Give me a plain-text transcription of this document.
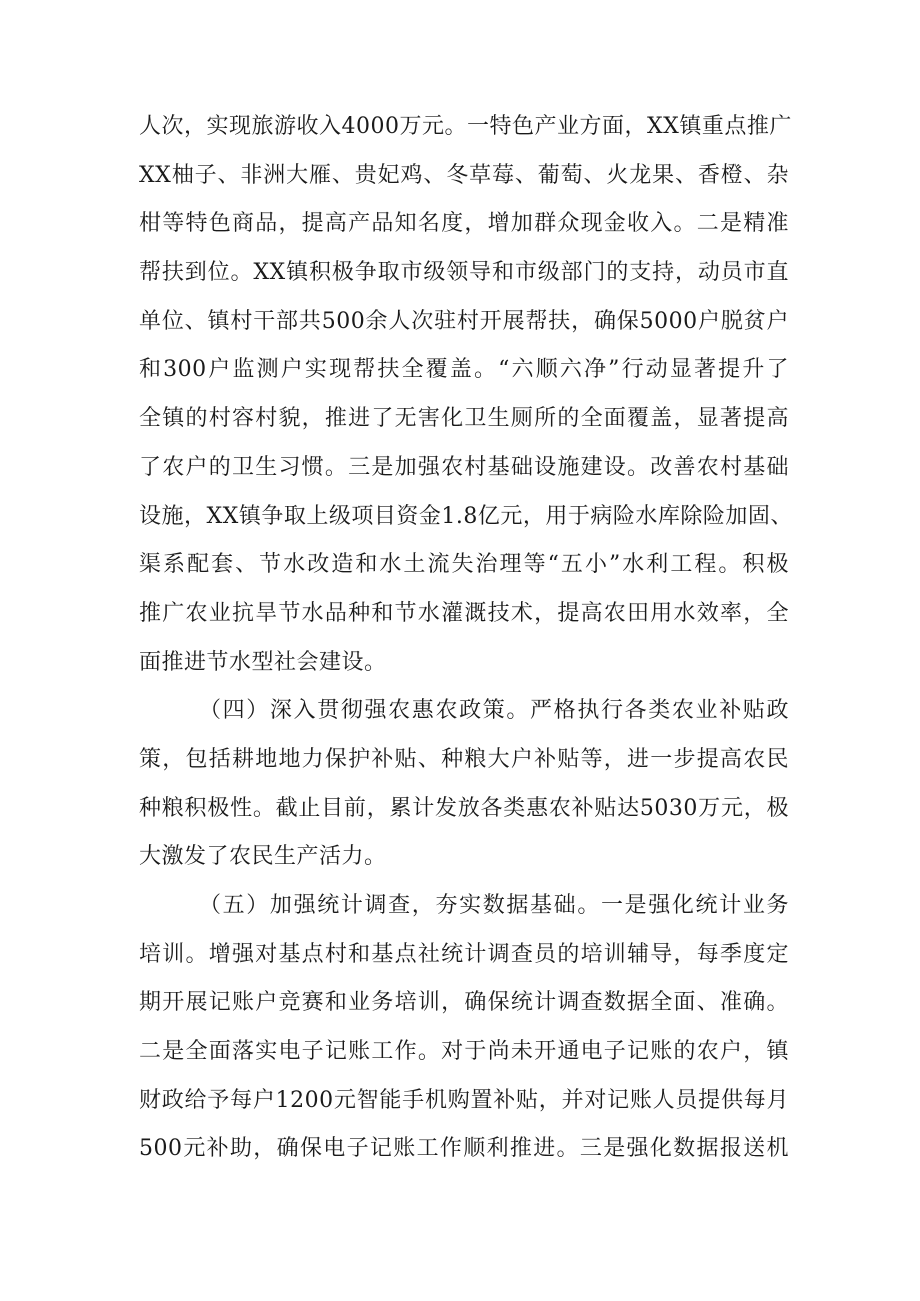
人次，实现旅游收入4000万元。一特色产业方面，XX镇重点推广
XX柚子、非洲大雁、贵妃鸡、冬草莓、葡萄、火龙果、香橙、杂
柑等特色商品，提高产品知名度，增加群众现金收入。二是精准
帮扶到位。XX镇积极争取市级领导和市级部门的支持，动员市直
单位、镇村干部共500余人次驻村开展帮扶，确保5000户脱贫户
和300户监测户实现帮扶全覆盖。“六顺六净”行动显著提升了
全镇的村容村貌，推进了无害化卫生厕所的全面覆盖，显著提高
了农户的卫生习惯。三是加强农村基础设施建设。改善农村基础
设施，XX镇争取上级项目资金1.8亿元，用于病险水库除险加固、
渠系配套、节水改造和水土流失治理等“五小”水利工程。积极
推广农业抗旱节水品种和节水灌溉技术，提高农田用水效率，全
面推进节水型社会建设。
（四）深入贯彻强农惠农政策。严格执行各类农业补贴政
策，包括耕地地力保护补贴、种粮大户补贴等，进一步提高农民
种粮积极性。截止目前，累计发放各类惠农补贴达5030万元，极
大激发了农民生产活力。
（五）加强统计调查，夯实数据基础。一是强化统计业务
培训。增强对基点村和基点社统计调查员的培训辅导，每季度定
期开展记账户竞赛和业务培训，确保统计调查数据全面、准确。
二是全面落实电子记账工作。对于尚未开通电子记账的农户，镇
财政给予每户1200元智能手机购置补贴，并对记账人员提供每月
500元补助，确保电子记账工作顺利推进。三是强化数据报送机
